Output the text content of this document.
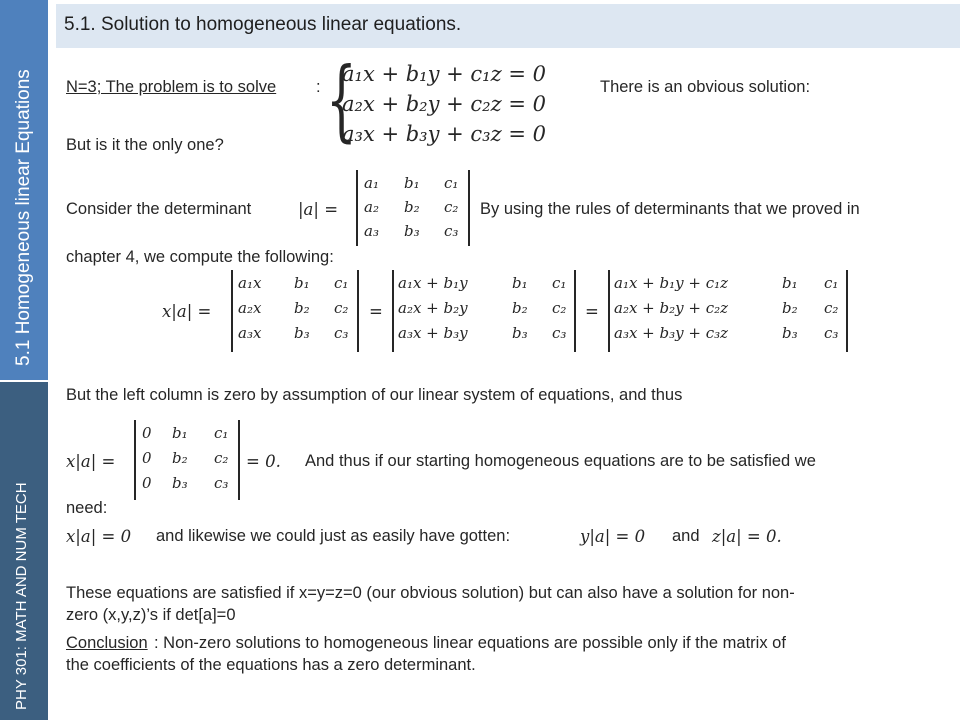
5.1 Homogeneous linear Equations
PHY 301: MATH AND NUM TECH
5.1. Solution to homogeneous linear equations.
N=3; The problem is to solve : {
a₁x + b₁y + c₁z = 0
a₂x + b₂y + c₂z = 0
a₃x + b₃y + c₃z = 0
There is an obvious solution:
But is it the only one?
Consider the determinant	|a| =
a₁ b₁ c₁
a₂ b₂ c₂
a₃ b₃ c₃
By using the rules of determinants that we proved in
chapter 4, we compute the following:
x|a| =
a₁x b₁ c₁
a₂x b₂ c₂
a₃x b₃ c₃
=
a₁x + b₁y	b₁ c₁
a₂x + b₂y	b₂ c₂
a₃x + b₃y	b₃ c₃
=
a₁x + b₁y + c₁z	b₁ c₁
a₂x + b₂y + c₂z	b₂ c₂
a₃x + b₃y + c₃z	b₃ c₃
But the left column is zero by assumption of our linear system of equations, and thus
x|a| =
0 b₁ c₁
0 b₂ c₂
0 b₃ c₃
= 0. And thus if our starting homogeneous equations are to be satisfied we
need:
x|a| = 0 and likewise we could just as easily have gotten:	y|a| = 0 and z|a| = 0.
These equations are satisfied if x=y=z=0 (our obvious solution) but can also have a solution for non-
zero (x,y,z)’s if det[a]=0
Conclusion : Non-zero solutions to homogeneous linear equations are possible only if the matrix of
the coefficients of the equations has a zero determinant.
